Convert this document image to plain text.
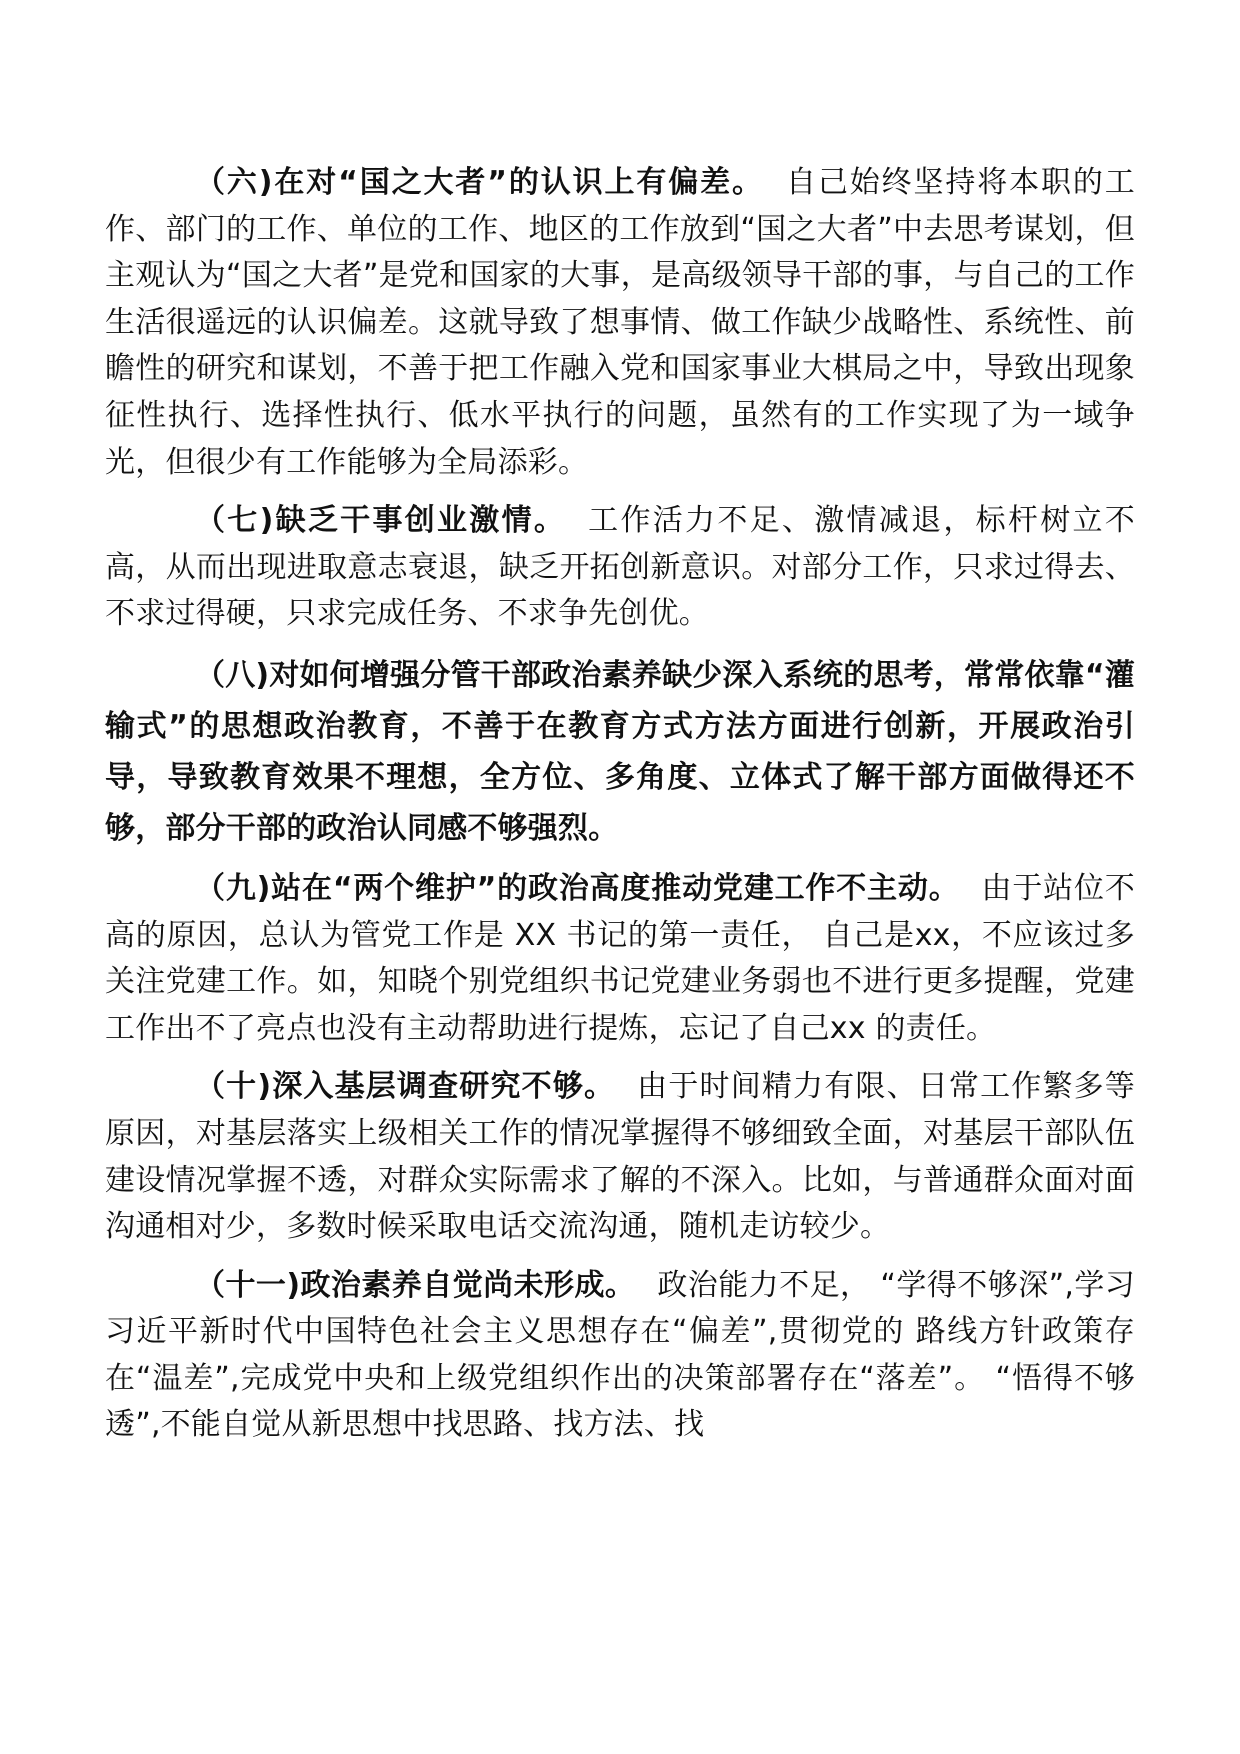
（六)在对“国之大者”的认识上有偏差。 自己始终坚持将本职的工作、部门的工作、单位的工作、地区的工作放到“国之大者”中去思考谋划，但主观认为“国之大者”是党和国家的大事，是高级领导干部的事，与自己的工作生活很遥远的认识偏差。这就导致了想事情、做工作缺少战略性、系统性、前瞻性的研究和谋划，不善于把工作融入党和国家事业大棋局之中，导致出现象征性执行、选择性执行、低水平执行的问题，虽然有的工作实现了为一域争光，但很少有工作能够为全局添彩。

（七)缺乏干事创业激情。 工作活力不足、激情减退，标杆树立不高，从而出现进取意志衰退，缺乏开拓创新意识。对部分工作，只求过得去、不求过得硬，只求完成任务、不求争先创优。

（八)对如何增强分管干部政治素养缺少深入系统的思考，常常依靠“灌输式”的思想政治教育，不善于在教育方式方法方面进行创新，开展政治引导，导致教育效果不理想，全方位、多角度、立体式了解干部方面做得还不够，部分干部的政治认同感不够强烈。

（九)站在“两个维护”的政治高度推动党建工作不主动。 由于站位不高的原因，总认为管党工作是 XX 书记的第一责任， 自己是xx，不应该过多关注党建工作。如，知晓个别党组织书记党建业务弱也不进行更多提醒，党建工作出不了亮点也没有主动帮助进行提炼，忘记了自己xx 的责任。

（十)深入基层调查研究不够。 由于时间精力有限、日常工作繁多等原因，对基层落实上级相关工作的情况掌握得不够细致全面，对基层干部队伍建设情况掌握不透，对群众实际需求了解的不深入。比如，与普通群众面对面沟通相对少，多数时候采取电话交流沟通，随机走访较少。

（十一)政治素养自觉尚未形成。 政治能力不足， “学得不够深”,学习习近平新时代中国特色社会主义思想存在“偏差”,贯彻党的 路线方针政策存在“温差”,完成党中央和上级党组织作出的决策部署存在“落差”。 “悟得不够透”,不能自觉从新思想中找思路、找方法、找
